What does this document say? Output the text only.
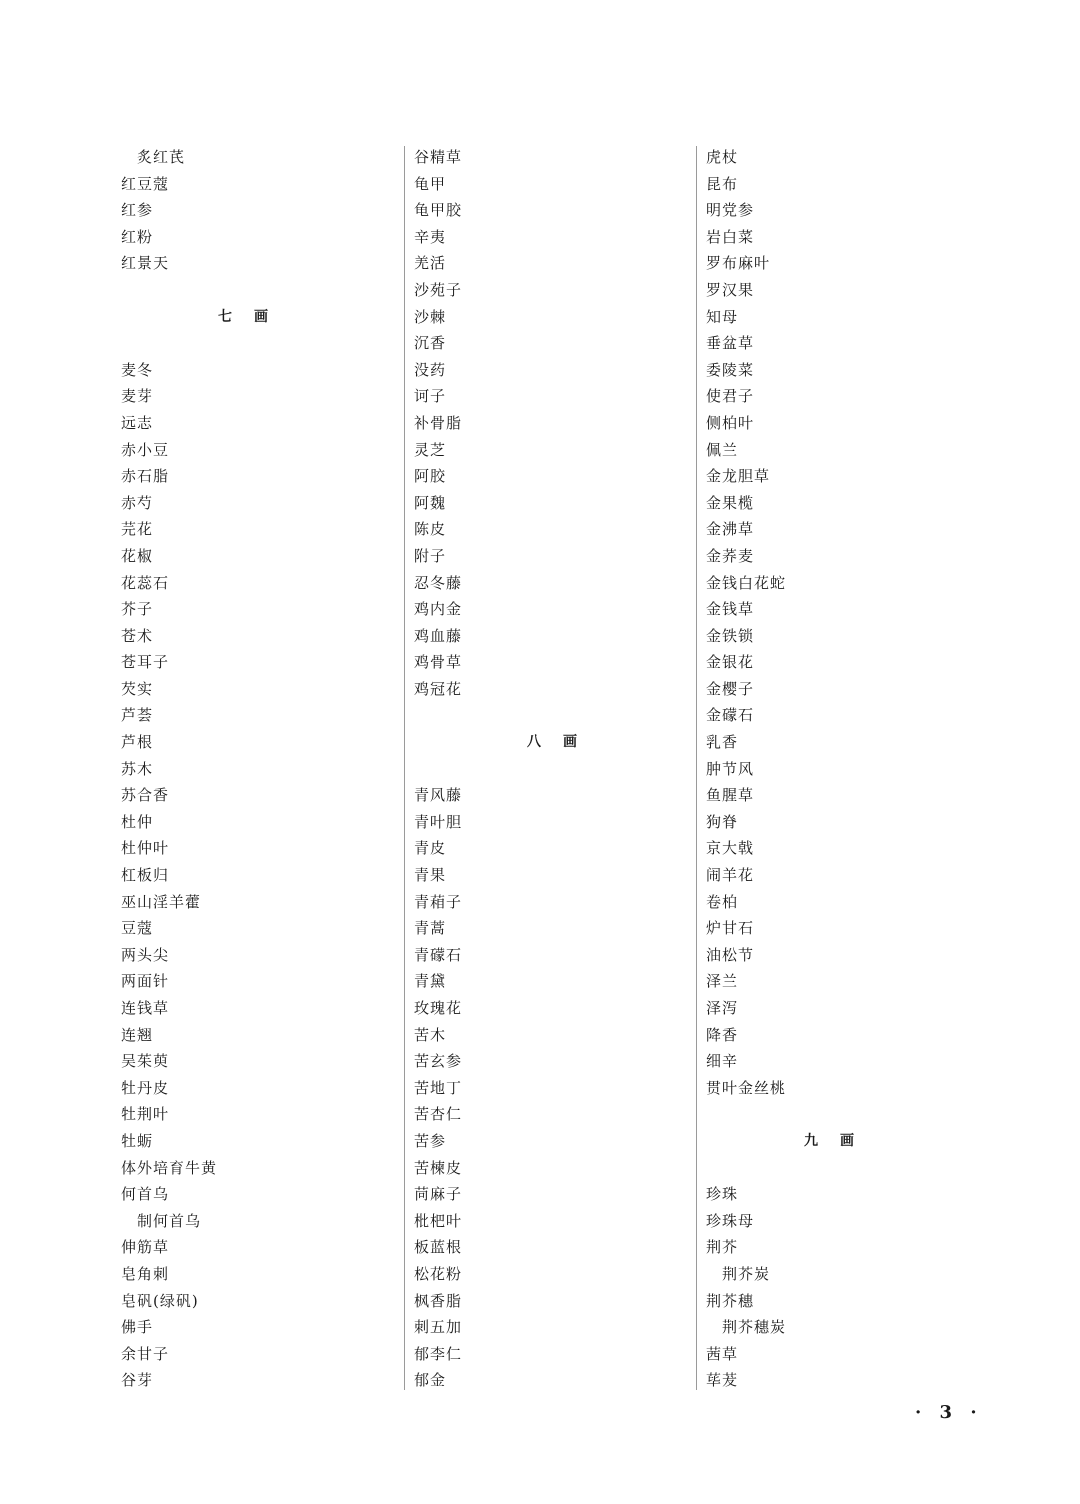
炙红芪
红豆蔻
红参
红粉
红景天
七 画
麦冬
麦芽
远志
赤小豆
赤石脂
赤芍
芫花
花椒
花蕊石
芥子
苍术
苍耳子
芡实
芦荟
芦根
苏木
苏合香
杜仲
杜仲叶
杠板归
巫山淫羊藿
豆蔻
两头尖
两面针
连钱草
连翘
吴茱萸
牡丹皮
牡荆叶
牡蛎
体外培育牛黄
何首乌
制何首乌
伸筋草
皂角刺
皂矾(绿矾)
佛手
余甘子
谷芽
谷精草
龟甲
龟甲胶
辛夷
羌活
沙苑子
沙棘
沉香
没药
诃子
补骨脂
灵芝
阿胶
阿魏
陈皮
附子
忍冬藤
鸡内金
鸡血藤
鸡骨草
鸡冠花
八 画
青风藤
青叶胆
青皮
青果
青葙子
青蒿
青礞石
青黛
玫瑰花
苦木
苦玄参
苦地丁
苦杏仁
苦参
苦楝皮
苘麻子
枇杷叶
板蓝根
松花粉
枫香脂
刺五加
郁李仁
郁金
虎杖
昆布
明党参
岩白菜
罗布麻叶
罗汉果
知母
垂盆草
委陵菜
使君子
侧柏叶
佩兰
金龙胆草
金果榄
金沸草
金荞麦
金钱白花蛇
金钱草
金铁锁
金银花
金樱子
金礞石
乳香
肿节风
鱼腥草
狗脊
京大戟
闹羊花
卷柏
炉甘石
油松节
泽兰
泽泻
降香
细辛
贯叶金丝桃
九 画
珍珠
珍珠母
荆芥
荆芥炭
荆芥穗
荆芥穗炭
茜草
荜茇
· 3 ·
